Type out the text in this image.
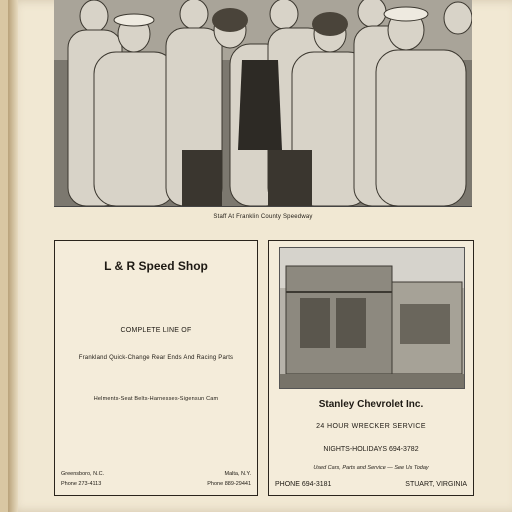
Staff At Franklin County Speedway
L & R Speed Shop
COMPLETE LINE OF
Frankland Quick-Change Rear Ends And Racing Parts
Helments-Seat Belts-Harnesses-Sigensun Cam
Greensboro, N.C.
Phone 273-4113
Malta, N.Y.
Phone 889-29441
Stanley Chevrolet Inc.
24 HOUR WRECKER SERVICE
NIGHTS-HOLIDAYS 694-3782
Used Cars, Parts and Service — See Us Today
PHONE 694-3181	STUART, VIRGINIA
